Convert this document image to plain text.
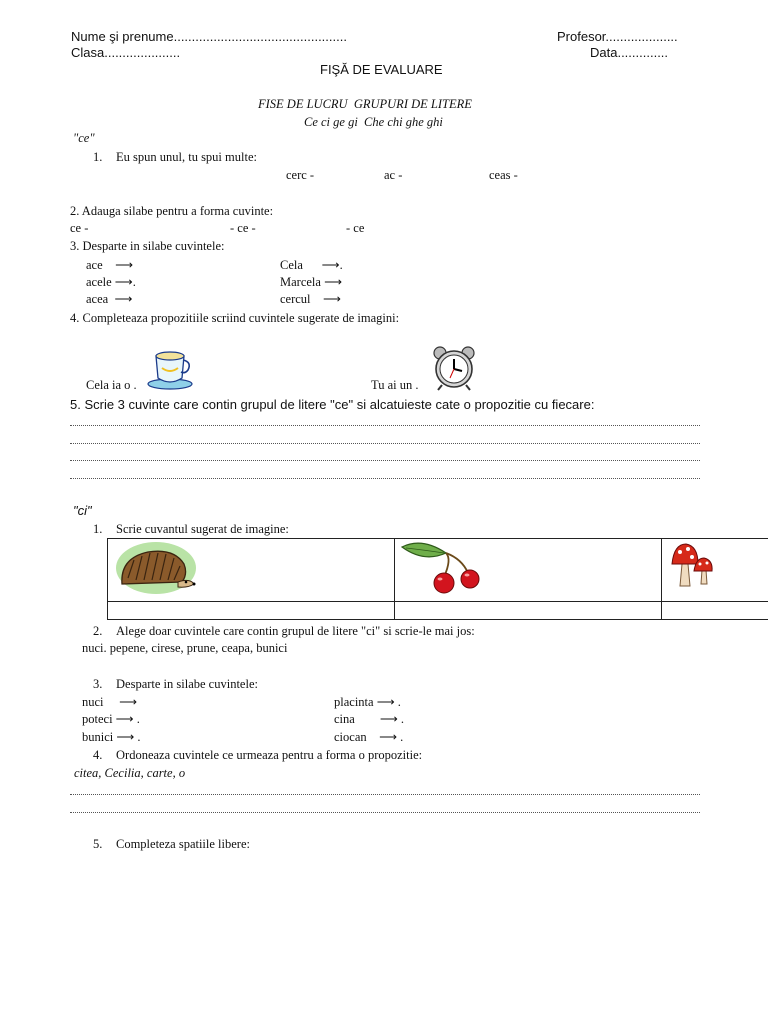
Nume şi prenume................................................	Profesor....................
Clasa.....................	Data..............
FIŞĂ DE EVALUARE
FISE DE LUCRU  GRUPURI DE LITERE
Ce ci ge gi  Che chi ghe ghi
"ce"
1. Eu spun unul, tu spui multe:
cerc -	ac -	ceas -
2. Adauga silabe pentru a forma cuvinte:
ce -	- ce -	- ce
3. Desparte in silabe cuvintele:
ace    ⟶
acele ⟶.
acea  ⟶
Cela      ⟶.
Marcela ⟶
cercul    ⟶
4. Completeaza propozitiile scriind cuvintele sugerate de imagini:
Cela ia o .	Tu ai un .
5. Scrie 3 cuvinte care contin grupul de litere "ce" si alcatuieste cate o propozitie cu fiecare:
"ci"
1. Scrie cuvantul sugerat de imagine:
2. Alege doar cuvintele care contin grupul de litere "ci" si scrie-le mai jos:
nuci. pepene, cirese, prune, ceapa, bunici
3. Desparte in silabe cuvintele:
nuci     ⟶
poteci ⟶ .
bunici ⟶ .
placinta ⟶ .
cina        ⟶ .
ciocan    ⟶ .
4. Ordoneaza cuvintele ce urmeaza pentru a forma o propozitie:
citea, Cecilia, carte, o
5. Completeza spatiile libere:
